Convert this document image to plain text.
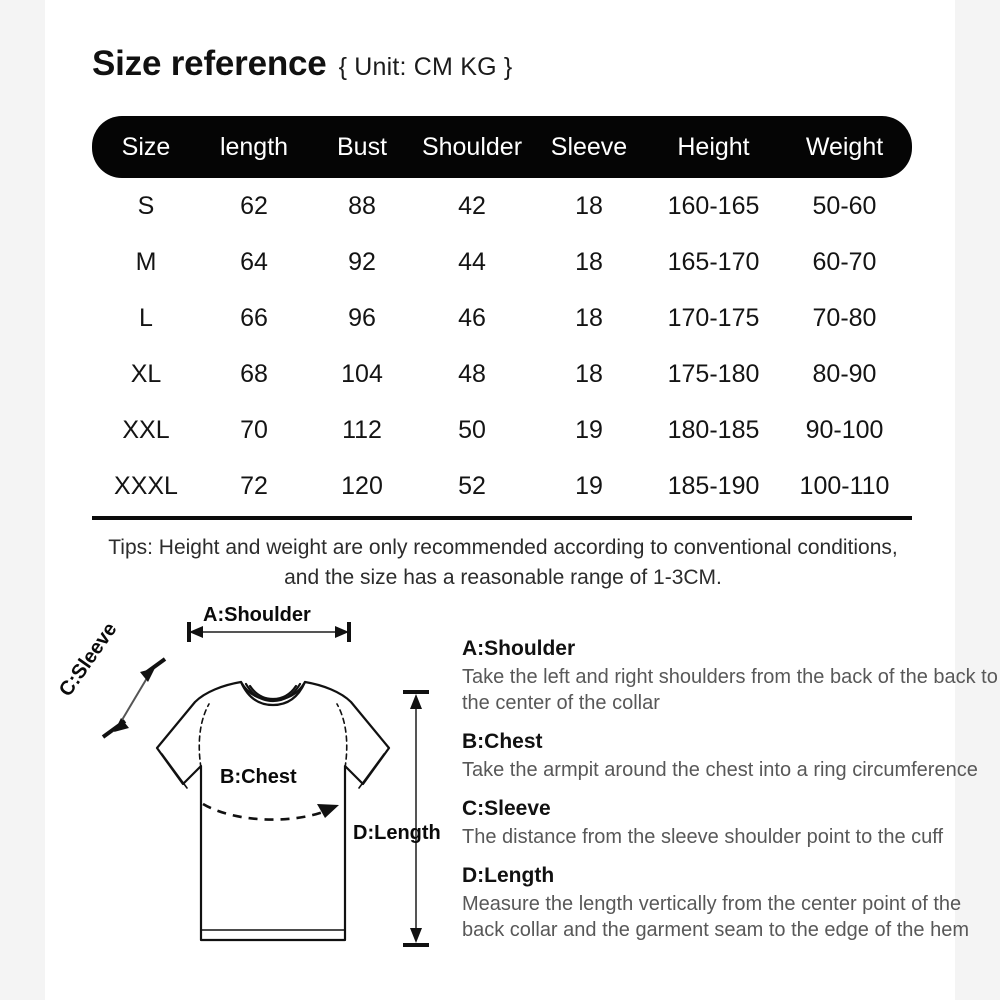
Size reference { Unit: CM KG }
Size	length	Bust	Shoulder	Sleeve	Height	Weight
S	62	88	42	18	160-165	50-60
M	64	92	44	18	165-170	60-70
L	66	96	46	18	170-175	70-80
XL	68	104	48	18	175-180	80-90
XXL	70	112	50	19	180-185	90-100
XXXL	72	120	52	19	185-190	100-110
Tips: Height and weight are only recommended according to conventional conditions, and the size has a reasonable range of 1-3CM.
A:Shoulder
B:Chest
C:Sleeve
D:Length
A:Shoulder
Take the left and right shoulders from the back of the back to the center of the collar
B:Chest
Take the armpit around the chest into a ring circumference
C:Sleeve
The distance from the sleeve shoulder point to the cuff
D:Length
Measure the length vertically from the center point of the back collar and the garment seam to the edge of the hem
